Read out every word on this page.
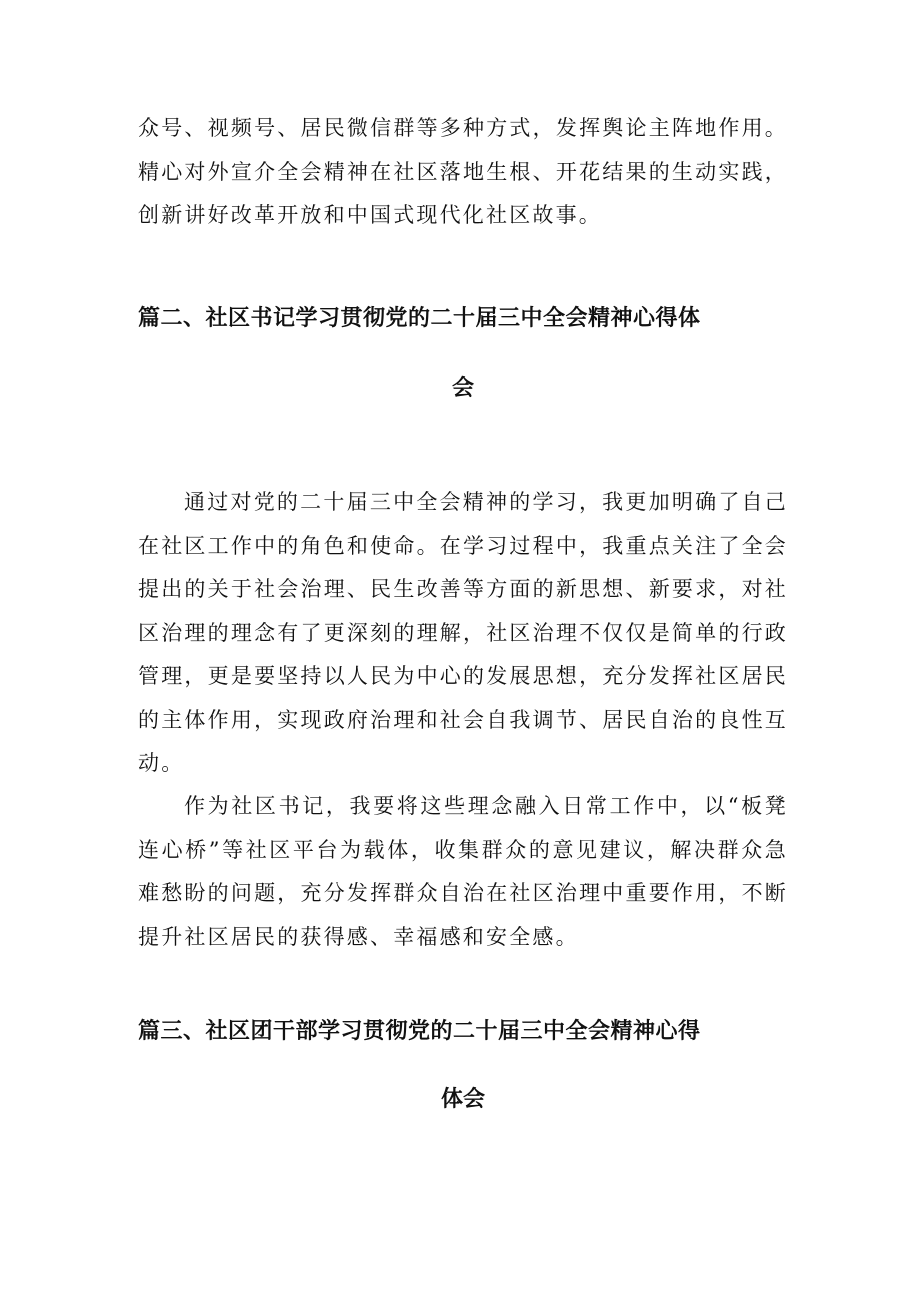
众号、视频号、居民微信群等多种方式，发挥舆论主阵地作用。精心对外宣介全会精神在社区落地生根、开花结果的生动实践，创新讲好改革开放和中国式现代化社区故事。

篇二、社区书记学习贯彻党的二十届三中全会精神心得体
会

通过对党的二十届三中全会精神的学习，我更加明确了自己在社区工作中的角色和使命。在学习过程中，我重点关注了全会提出的关于社会治理、民生改善等方面的新思想、新要求，对社区治理的理念有了更深刻的理解，社区治理不仅仅是简单的行政管理，更是要坚持以人民为中心的发展思想，充分发挥社区居民的主体作用，实现政府治理和社会自我调节、居民自治的良性互动。

作为社区书记，我要将这些理念融入日常工作中，以“板凳连心桥”等社区平台为载体，收集群众的意见建议，解决群众急难愁盼的问题，充分发挥群众自治在社区治理中重要作用，不断提升社区居民的获得感、幸福感和安全感。

篇三、社区团干部学习贯彻党的二十届三中全会精神心得
体会
